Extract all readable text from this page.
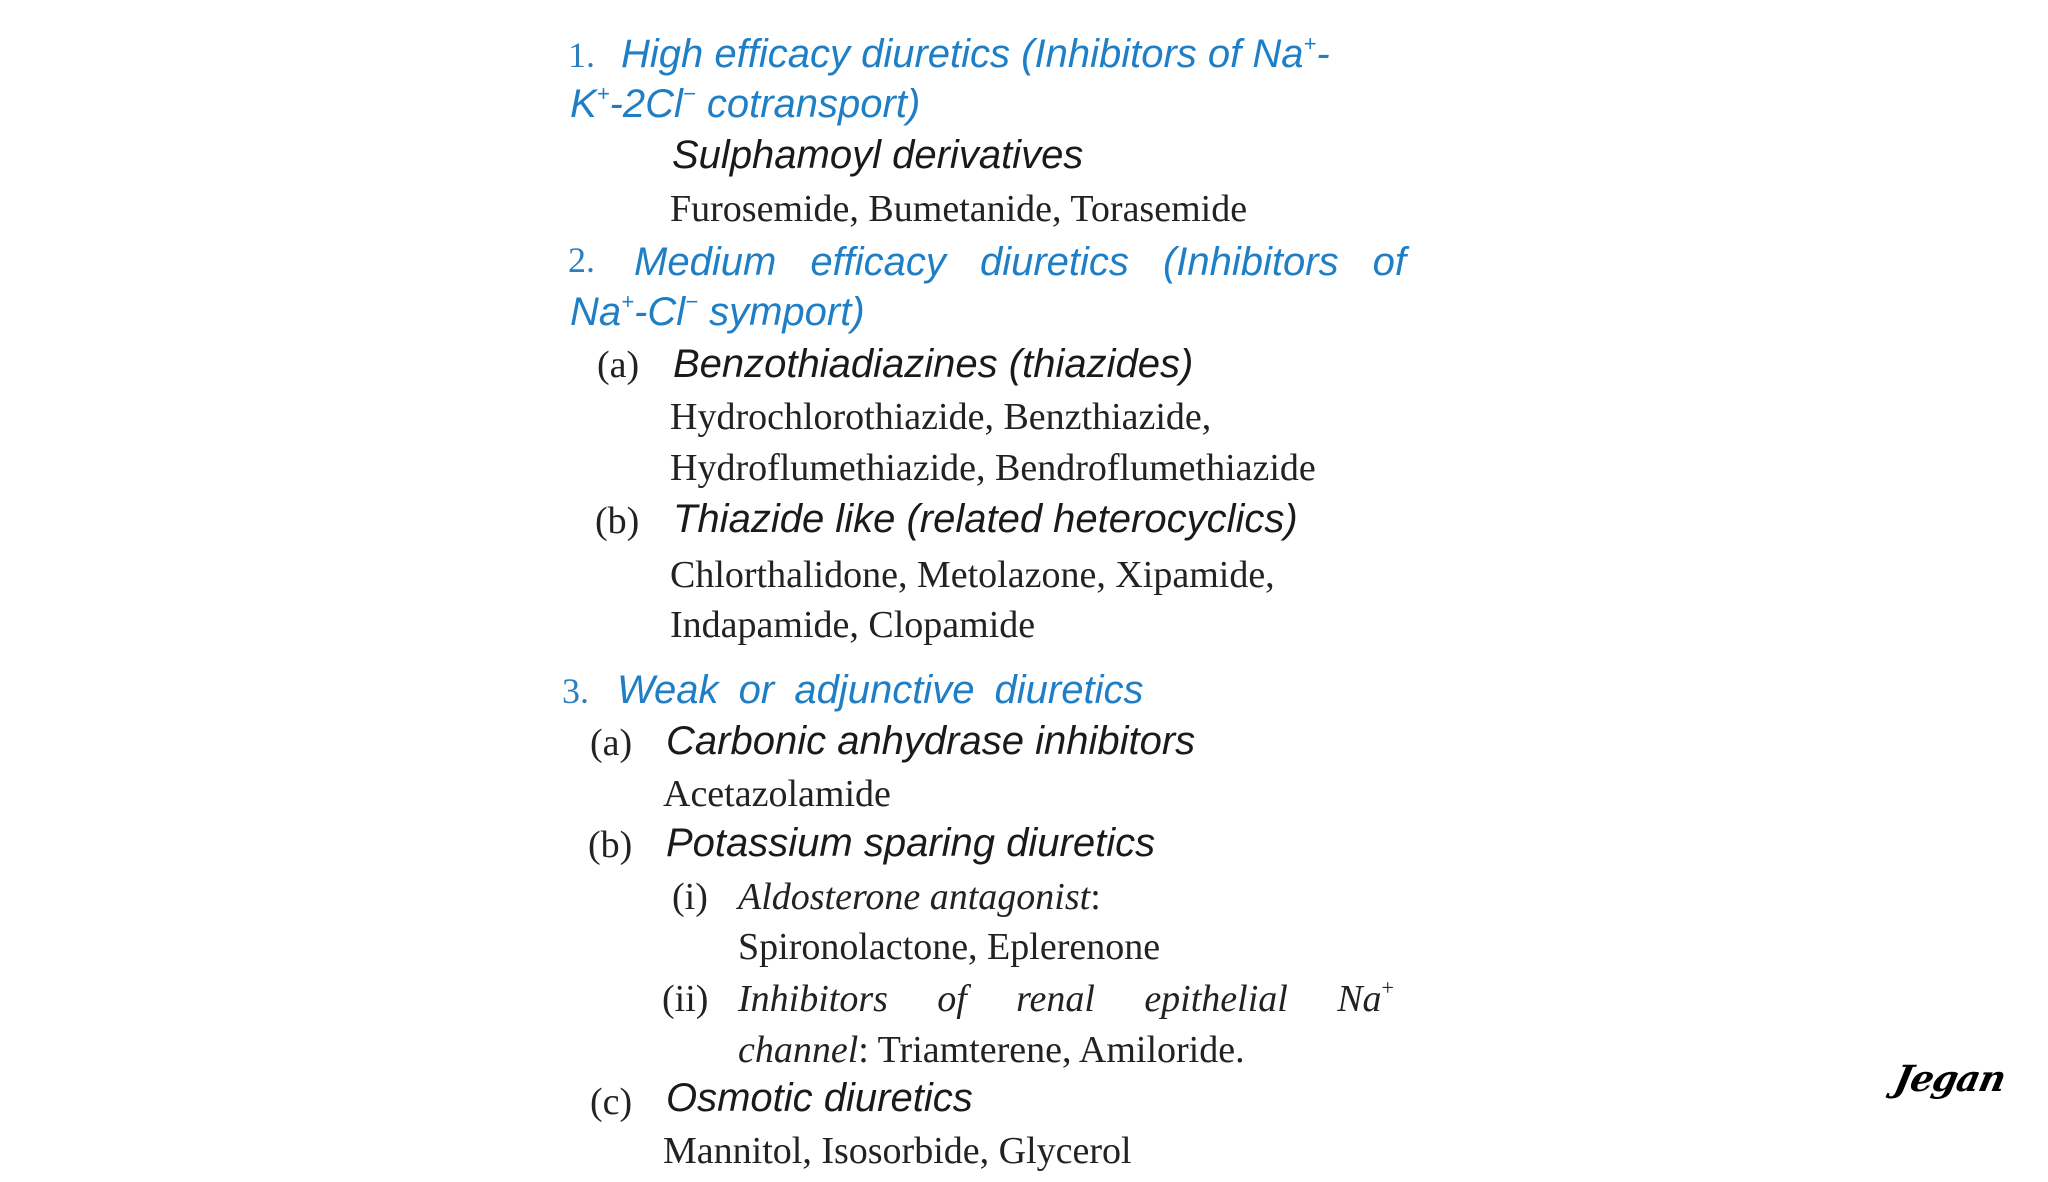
1. High efficacy diuretics (Inhibitors of Na+-
K+-2Cl− cotransport)
Sulphamoyl derivatives
Furosemide, Bumetanide, Torasemide
2. Medium efficacy diuretics (Inhibitors of
Na+-Cl− symport)
(a) Benzothiadiazines (thiazides)
Hydrochlorothiazide, Benzthiazide,
Hydroflumethiazide, Bendroflumethiazide
(b) Thiazide like (related heterocyclics)
Chlorthalidone, Metolazone, Xipamide,
Indapamide, Clopamide
3. Weak or adjunctive diuretics
(a) Carbonic anhydrase inhibitors
Acetazolamide
(b) Potassium sparing diuretics
(i) Aldosterone antagonist:
Spironolactone, Eplerenone
(ii) Inhibitors of renal epithelial Na+
channel: Triamterene, Amiloride.
(c) Osmotic diuretics
Mannitol, Isosorbide, Glycerol
Jegan
